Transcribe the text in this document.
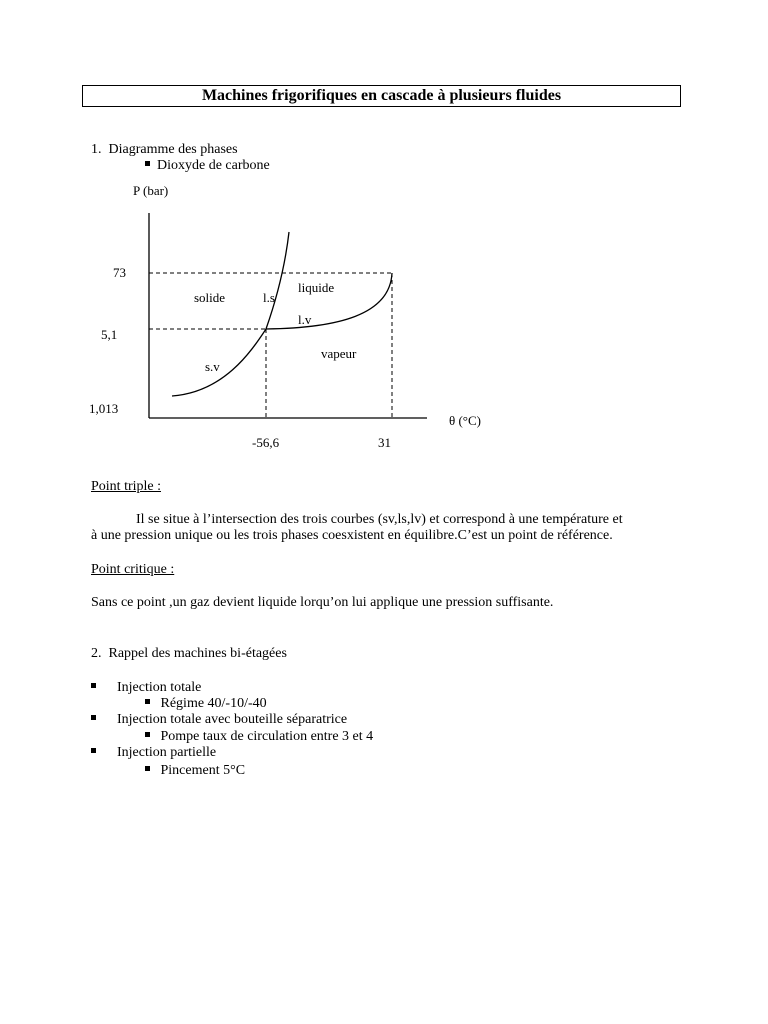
Machines frigorifiques en cascade à plusieurs fluides
1.  Diagramme des phases
Dioxyde de carbone
P (bar)
θ (°C)
73
5,1
1,013
-56,6	31
solide
liquide
vapeur
l.s
l.v
s.v
Point triple :
Il se situe à l’intersection des trois courbes (sv,ls,lv) et correspond à une température et
à une pression unique ou les trois phases coesxistent en équilibre.C’est un point de référence.
Point critique :
Sans ce point ,un gaz devient liquide lorqu’on lui applique une pression suffisante.
2.  Rappel des machines bi-étagées
Injection totale
Régime 40/-10/-40
Injection totale avec bouteille séparatrice
Pompe taux de circulation entre 3 et 4
Injection partielle
Pincement 5°C
